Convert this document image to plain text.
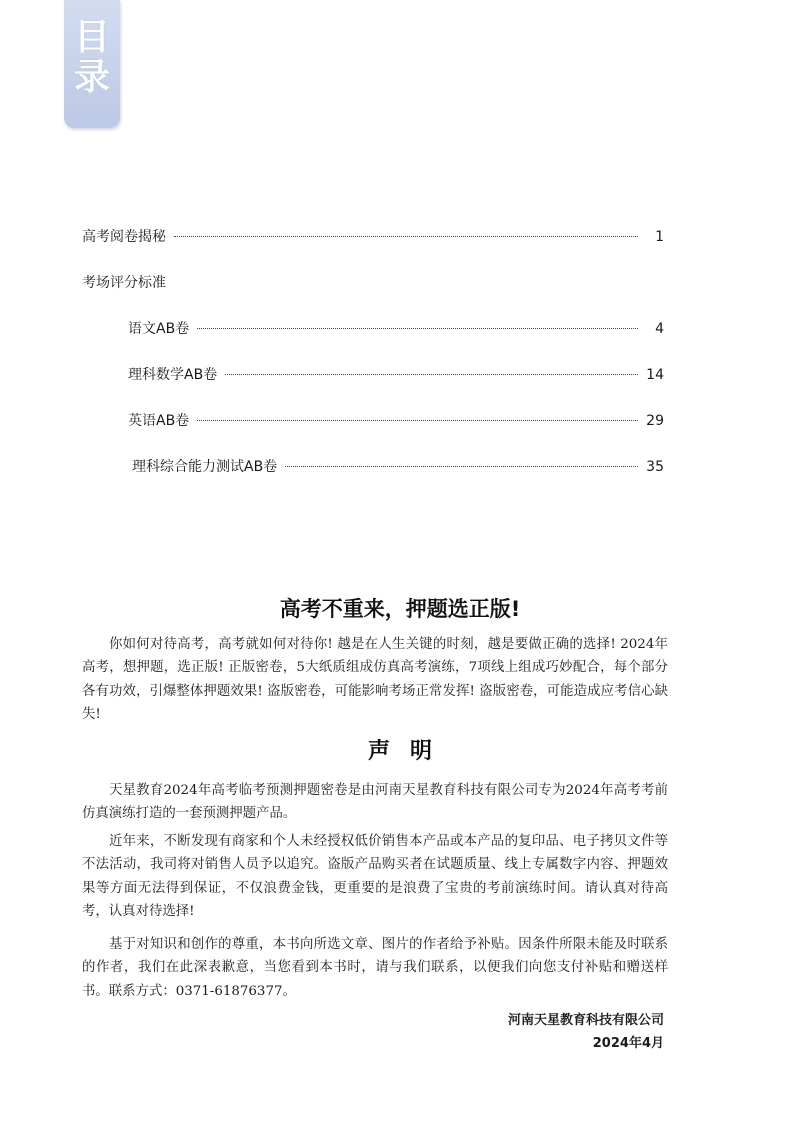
目
录
高考阅卷揭秘	1
考场评分标准
语文AB卷	4
理科数学AB卷	14
英语AB卷	29
理科综合能力测试AB卷	35
高考不重来，押题选正版!

你如何对待高考，高考就如何对待你! 越是在人生关键的时刻，越是要做正确的选择! 2024年高考，想押题，选正版! 正版密卷，5大纸质组成仿真高考演练，7项线上组成巧妙配合，每个部分各有功效，引爆整体押题效果! 盗版密卷，可能影响考场正常发挥! 盗版密卷，可能造成应考信心缺失!

声明

天星教育2024年高考临考预测押题密卷是由河南天星教育科技有限公司专为2024年高考考前仿真演练打造的一套预测押题产品。

近年来，不断发现有商家和个人未经授权低价销售本产品或本产品的复印品、电子拷贝文件等不法活动，我司将对销售人员予以追究。盗版产品购买者在试题质量、线上专属数字内容、押题效果等方面无法得到保证，不仅浪费金钱，更重要的是浪费了宝贵的考前演练时间。请认真对待高考，认真对待选择!

基于对知识和创作的尊重，本书向所选文章、图片的作者给予补贴。因条件所限未能及时联系的作者，我们在此深表歉意，当您看到本书时，请与我们联系，以便我们向您支付补贴和赠送样书。联系方式：0371-61876377。

河南天星教育科技有限公司
2024年4月
